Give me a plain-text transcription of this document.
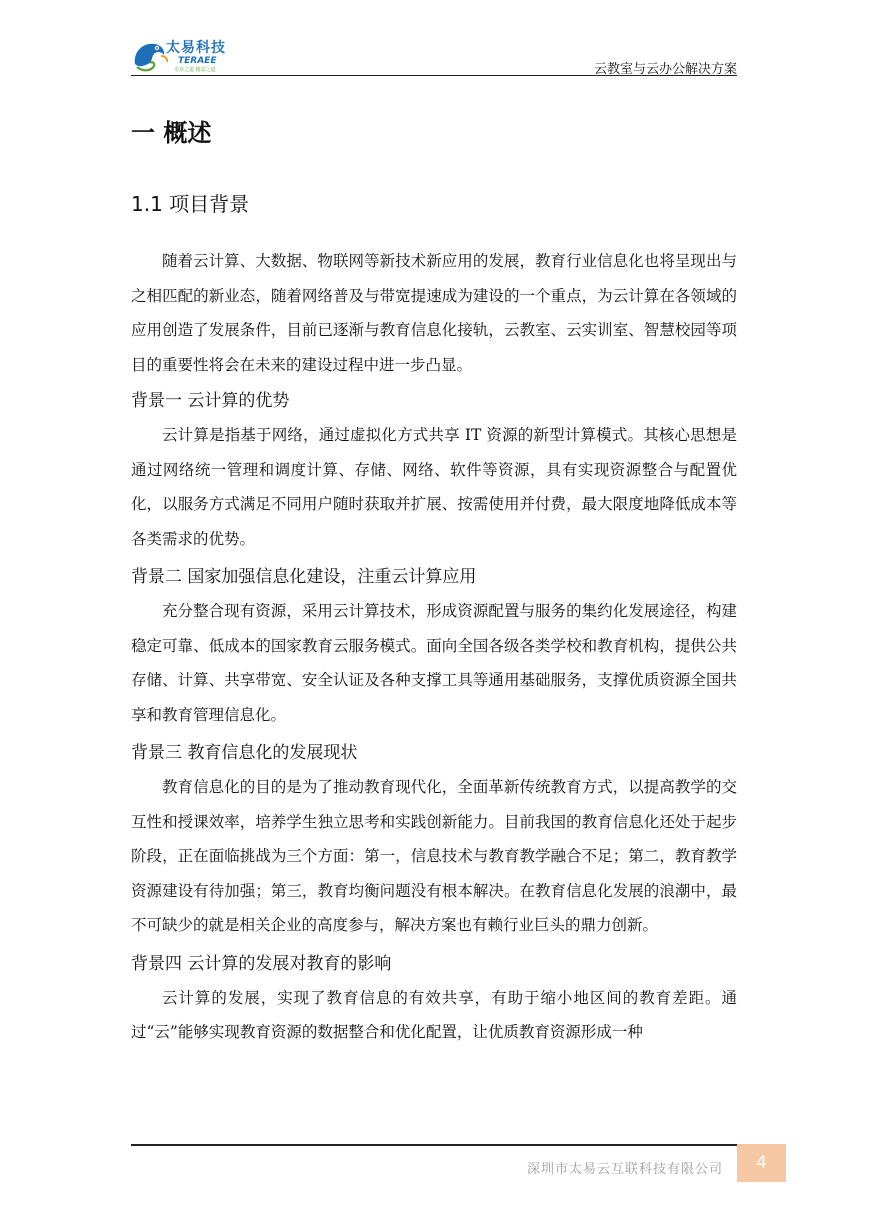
太易科技
TERAEE
专业之道 精益之道	云教室与云办公解决方案
一 概述
1.1 项目背景

随着云计算、大数据、物联网等新技术新应用的发展，教育行业信息化也将呈现出与之相匹配的新业态，随着网络普及与带宽提速成为建设的一个重点，为云计算在各领域的应用创造了发展条件，目前已逐渐与教育信息化接轨，云教室、云实训室、智慧校园等项目的重要性将会在未来的建设过程中进一步凸显。

背景一 云计算的优势

云计算是指基于网络，通过虚拟化方式共享 IT 资源的新型计算模式。其核心思想是通过网络统一管理和调度计算、存储、网络、软件等资源，具有实现资源整合与配置优化，以服务方式满足不同用户随时获取并扩展、按需使用并付费，最大限度地降低成本等各类需求的优势。

背景二 国家加强信息化建设，注重云计算应用

充分整合现有资源，采用云计算技术，形成资源配置与服务的集约化发展途径，构建稳定可靠、低成本的国家教育云服务模式。面向全国各级各类学校和教育机构，提供公共存储、计算、共享带宽、安全认证及各种支撑工具等通用基础服务，支撑优质资源全国共享和教育管理信息化。

背景三 教育信息化的发展现状

教育信息化的目的是为了推动教育现代化，全面革新传统教育方式，以提高教学的交互性和授课效率，培养学生独立思考和实践创新能力。目前我国的教育信息化还处于起步阶段，正在面临挑战为三个方面：第一，信息技术与教育教学融合不足；第二，教育教学资源建设有待加强；第三，教育均衡问题没有根本解决。在教育信息化发展的浪潮中，最不可缺少的就是相关企业的高度参与，解决方案也有赖行业巨头的鼎力创新。

背景四 云计算的发展对教育的影响

云计算的发展，实现了教育信息的有效共享，有助于缩小地区间的教育差距。通过“云”能够实现教育资源的数据整合和优化配置，让优质教育资源形成一种

深圳市太易云互联科技有限公司	4
